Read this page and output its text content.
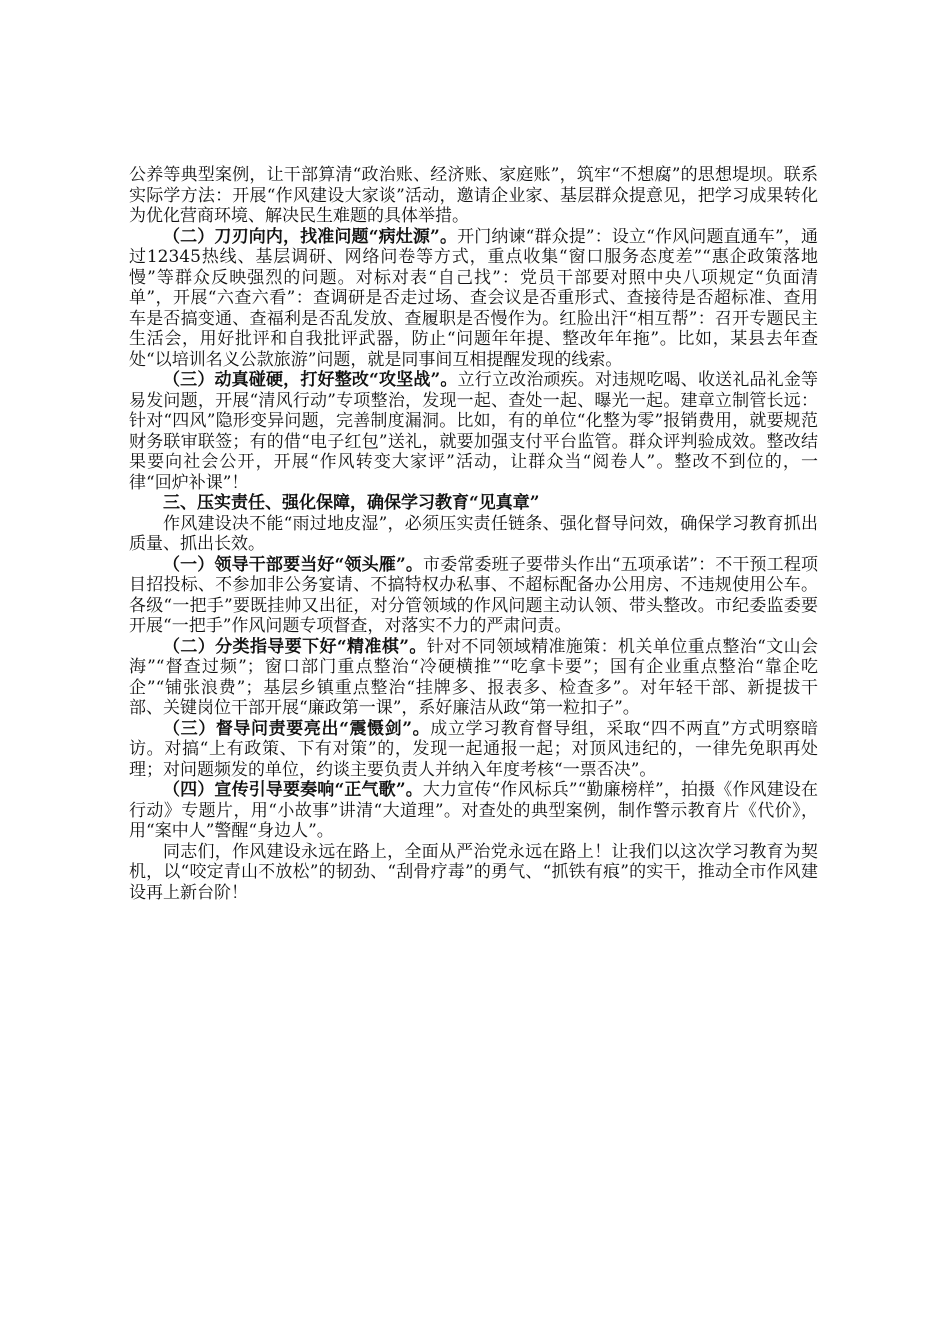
公养等典型案例，让干部算清“政治账、经济账、家庭账”，筑牢“不想腐”的思想堤坝。联系实际学方法：开展“作风建设大家谈”活动，邀请企业家、基层群众提意见，把学习成果转化为优化营商环境、解决民生难题的具体举措。

（二）刀刃向内，找准问题“病灶源”。开门纳谏“群众提”：设立“作风问题直通车”，通过12345热线、基层调研、网络问卷等方式，重点收集“窗口服务态度差”“惠企政策落地慢”等群众反映强烈的问题。对标对表“自己找”：党员干部要对照中央八项规定“负面清单”，开展“六查六看”：查调研是否走过场、查会议是否重形式、查接待是否超标准、查用车是否搞变通、查福利是否乱发放、查履职是否慢作为。红脸出汗“相互帮”：召开专题民主生活会，用好批评和自我批评武器，防止“问题年年提、整改年年拖”。比如，某县去年查处“以培训名义公款旅游”问题，就是同事间互相提醒发现的线索。

（三）动真碰硬，打好整改“攻坚战”。立行立改治顽疾。对违规吃喝、收送礼品礼金等易发问题，开展“清风行动”专项整治，发现一起、查处一起、曝光一起。建章立制管长远：针对“四风”隐形变异问题，完善制度漏洞。比如，有的单位“化整为零”报销费用，就要规范财务联审联签；有的借“电子红包”送礼，就要加强支付平台监管。群众评判验成效。整改结果要向社会公开，开展“作风转变大家评”活动，让群众当“阅卷人”。整改不到位的，一律“回炉补课”！

三、压实责任、强化保障，确保学习教育“见真章”

作风建设决不能“雨过地皮湿”，必须压实责任链条、强化督导问效，确保学习教育抓出质量、抓出长效。

（一）领导干部要当好“领头雁”。市委常委班子要带头作出“五项承诺”：不干预工程项目招投标、不参加非公务宴请、不搞特权办私事、不超标配备办公用房、不违规使用公车。各级“一把手”要既挂帅又出征，对分管领域的作风问题主动认领、带头整改。市纪委监委要开展“一把手”作风问题专项督查，对落实不力的严肃问责。

（二）分类指导要下好“精准棋”。针对不同领域精准施策：机关单位重点整治“文山会海”“督查过频”；窗口部门重点整治“冷硬横推”“吃拿卡要”；国有企业重点整治“靠企吃企”“铺张浪费”；基层乡镇重点整治“挂牌多、报表多、检查多”。对年轻干部、新提拔干部、关键岗位干部开展“廉政第一课”，系好廉洁从政“第一粒扣子”。

（三）督导问责要亮出“震慑剑”。成立学习教育督导组，采取“四不两直”方式明察暗访。对搞“上有政策、下有对策”的，发现一起通报一起；对顶风违纪的，一律先免职再处理；对问题频发的单位，约谈主要负责人并纳入年度考核“一票否决”。

（四）宣传引导要奏响“正气歌”。大力宣传“作风标兵”“勤廉榜样”，拍摄《作风建设在行动》专题片，用“小故事”讲清“大道理”。对查处的典型案例，制作警示教育片《代价》，用“案中人”警醒“身边人”。

同志们，作风建设永远在路上，全面从严治党永远在路上！让我们以这次学习教育为契机，以“咬定青山不放松”的韧劲、“刮骨疗毒”的勇气、“抓铁有痕”的实干，推动全市作风建设再上新台阶！
